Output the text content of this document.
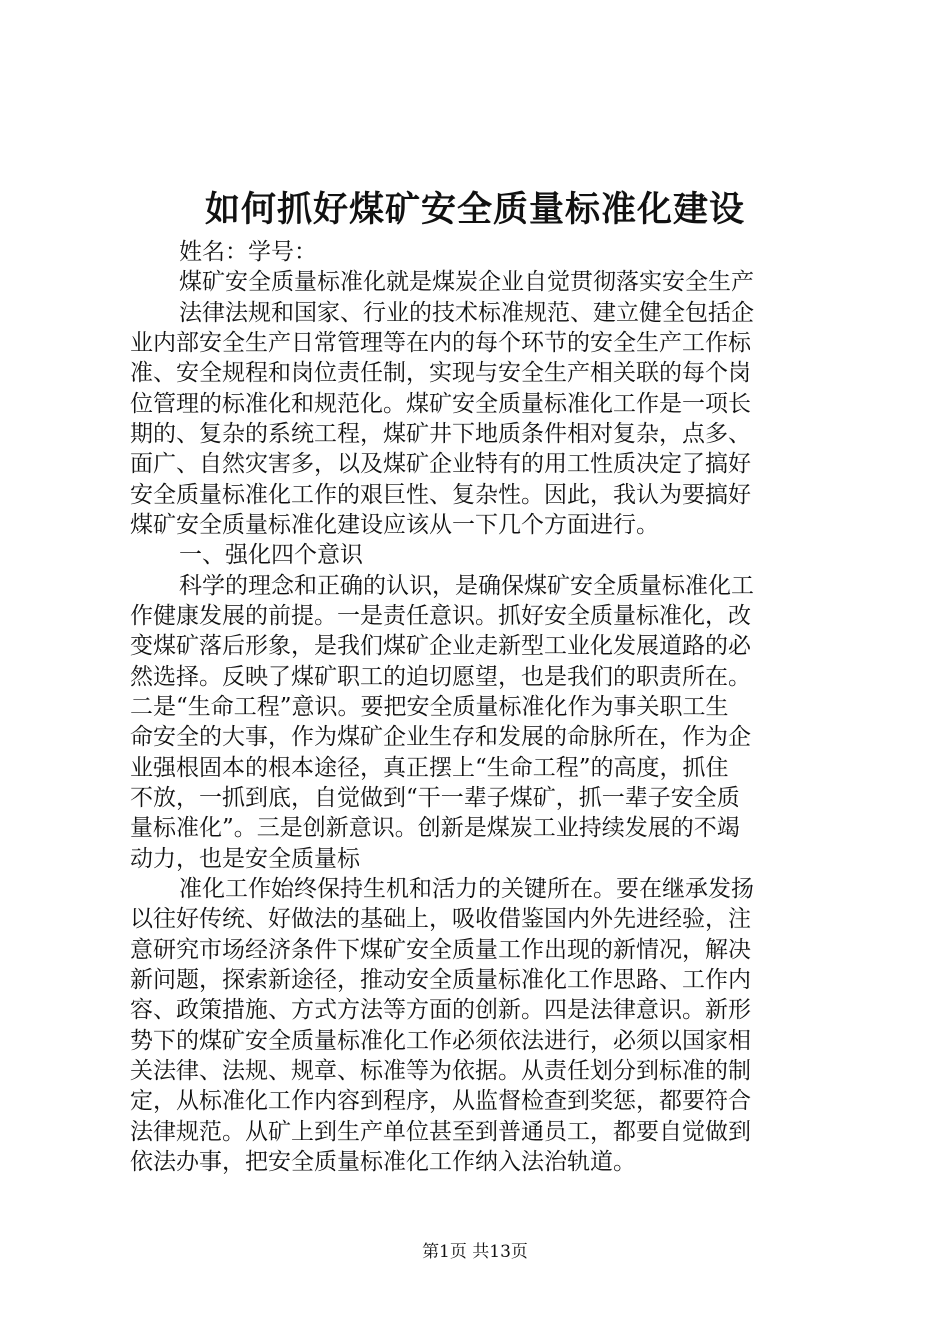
如何抓好煤矿安全质量标准化建设
姓名：学号：
煤矿安全质量标准化就是煤炭企业自觉贯彻落实安全生产
法律法规和国家、行业的技术标准规范、建立健全包括企
业内部安全生产日常管理等在内的每个环节的安全生产工作标
准、安全规程和岗位责任制，实现与安全生产相关联的每个岗
位管理的标准化和规范化。煤矿安全质量标准化工作是一项长
期的、复杂的系统工程，煤矿井下地质条件相对复杂，点多、
面广、自然灾害多，以及煤矿企业特有的用工性质决定了搞好
安全质量标准化工作的艰巨性、复杂性。因此，我认为要搞好
煤矿安全质量标准化建设应该从一下几个方面进行。
一、强化四个意识
科学的理念和正确的认识，是确保煤矿安全质量标准化工
作健康发展的前提。一是责任意识。抓好安全质量标准化，改
变煤矿落后形象，是我们煤矿企业走新型工业化发展道路的必
然选择。反映了煤矿职工的迫切愿望，也是我们的职责所在。
二是“生命工程”意识。要把安全质量标准化作为事关职工生
命安全的大事，作为煤矿企业生存和发展的命脉所在，作为企
业强根固本的根本途径，真正摆上“生命工程”的高度，抓住
不放，一抓到底，自觉做到“干一辈子煤矿，抓一辈子安全质
量标准化”。三是创新意识。创新是煤炭工业持续发展的不竭
动力，也是安全质量标
准化工作始终保持生机和活力的关键所在。要在继承发扬
以往好传统、好做法的基础上，吸收借鉴国内外先进经验，注
意研究市场经济条件下煤矿安全质量工作出现的新情况，解决
新问题，探索新途径，推动安全质量标准化工作思路、工作内
容、政策措施、方式方法等方面的创新。四是法律意识。新形
势下的煤矿安全质量标准化工作必须依法进行，必须以国家相
关法律、法规、规章、标准等为依据。从责任划分到标准的制
定，从标准化工作内容到程序，从监督检查到奖惩，都要符合
法律规范。从矿上到生产单位甚至到普通员工，都要自觉做到
依法办事，把安全质量标准化工作纳入法治轨道。
第1页 共13页
